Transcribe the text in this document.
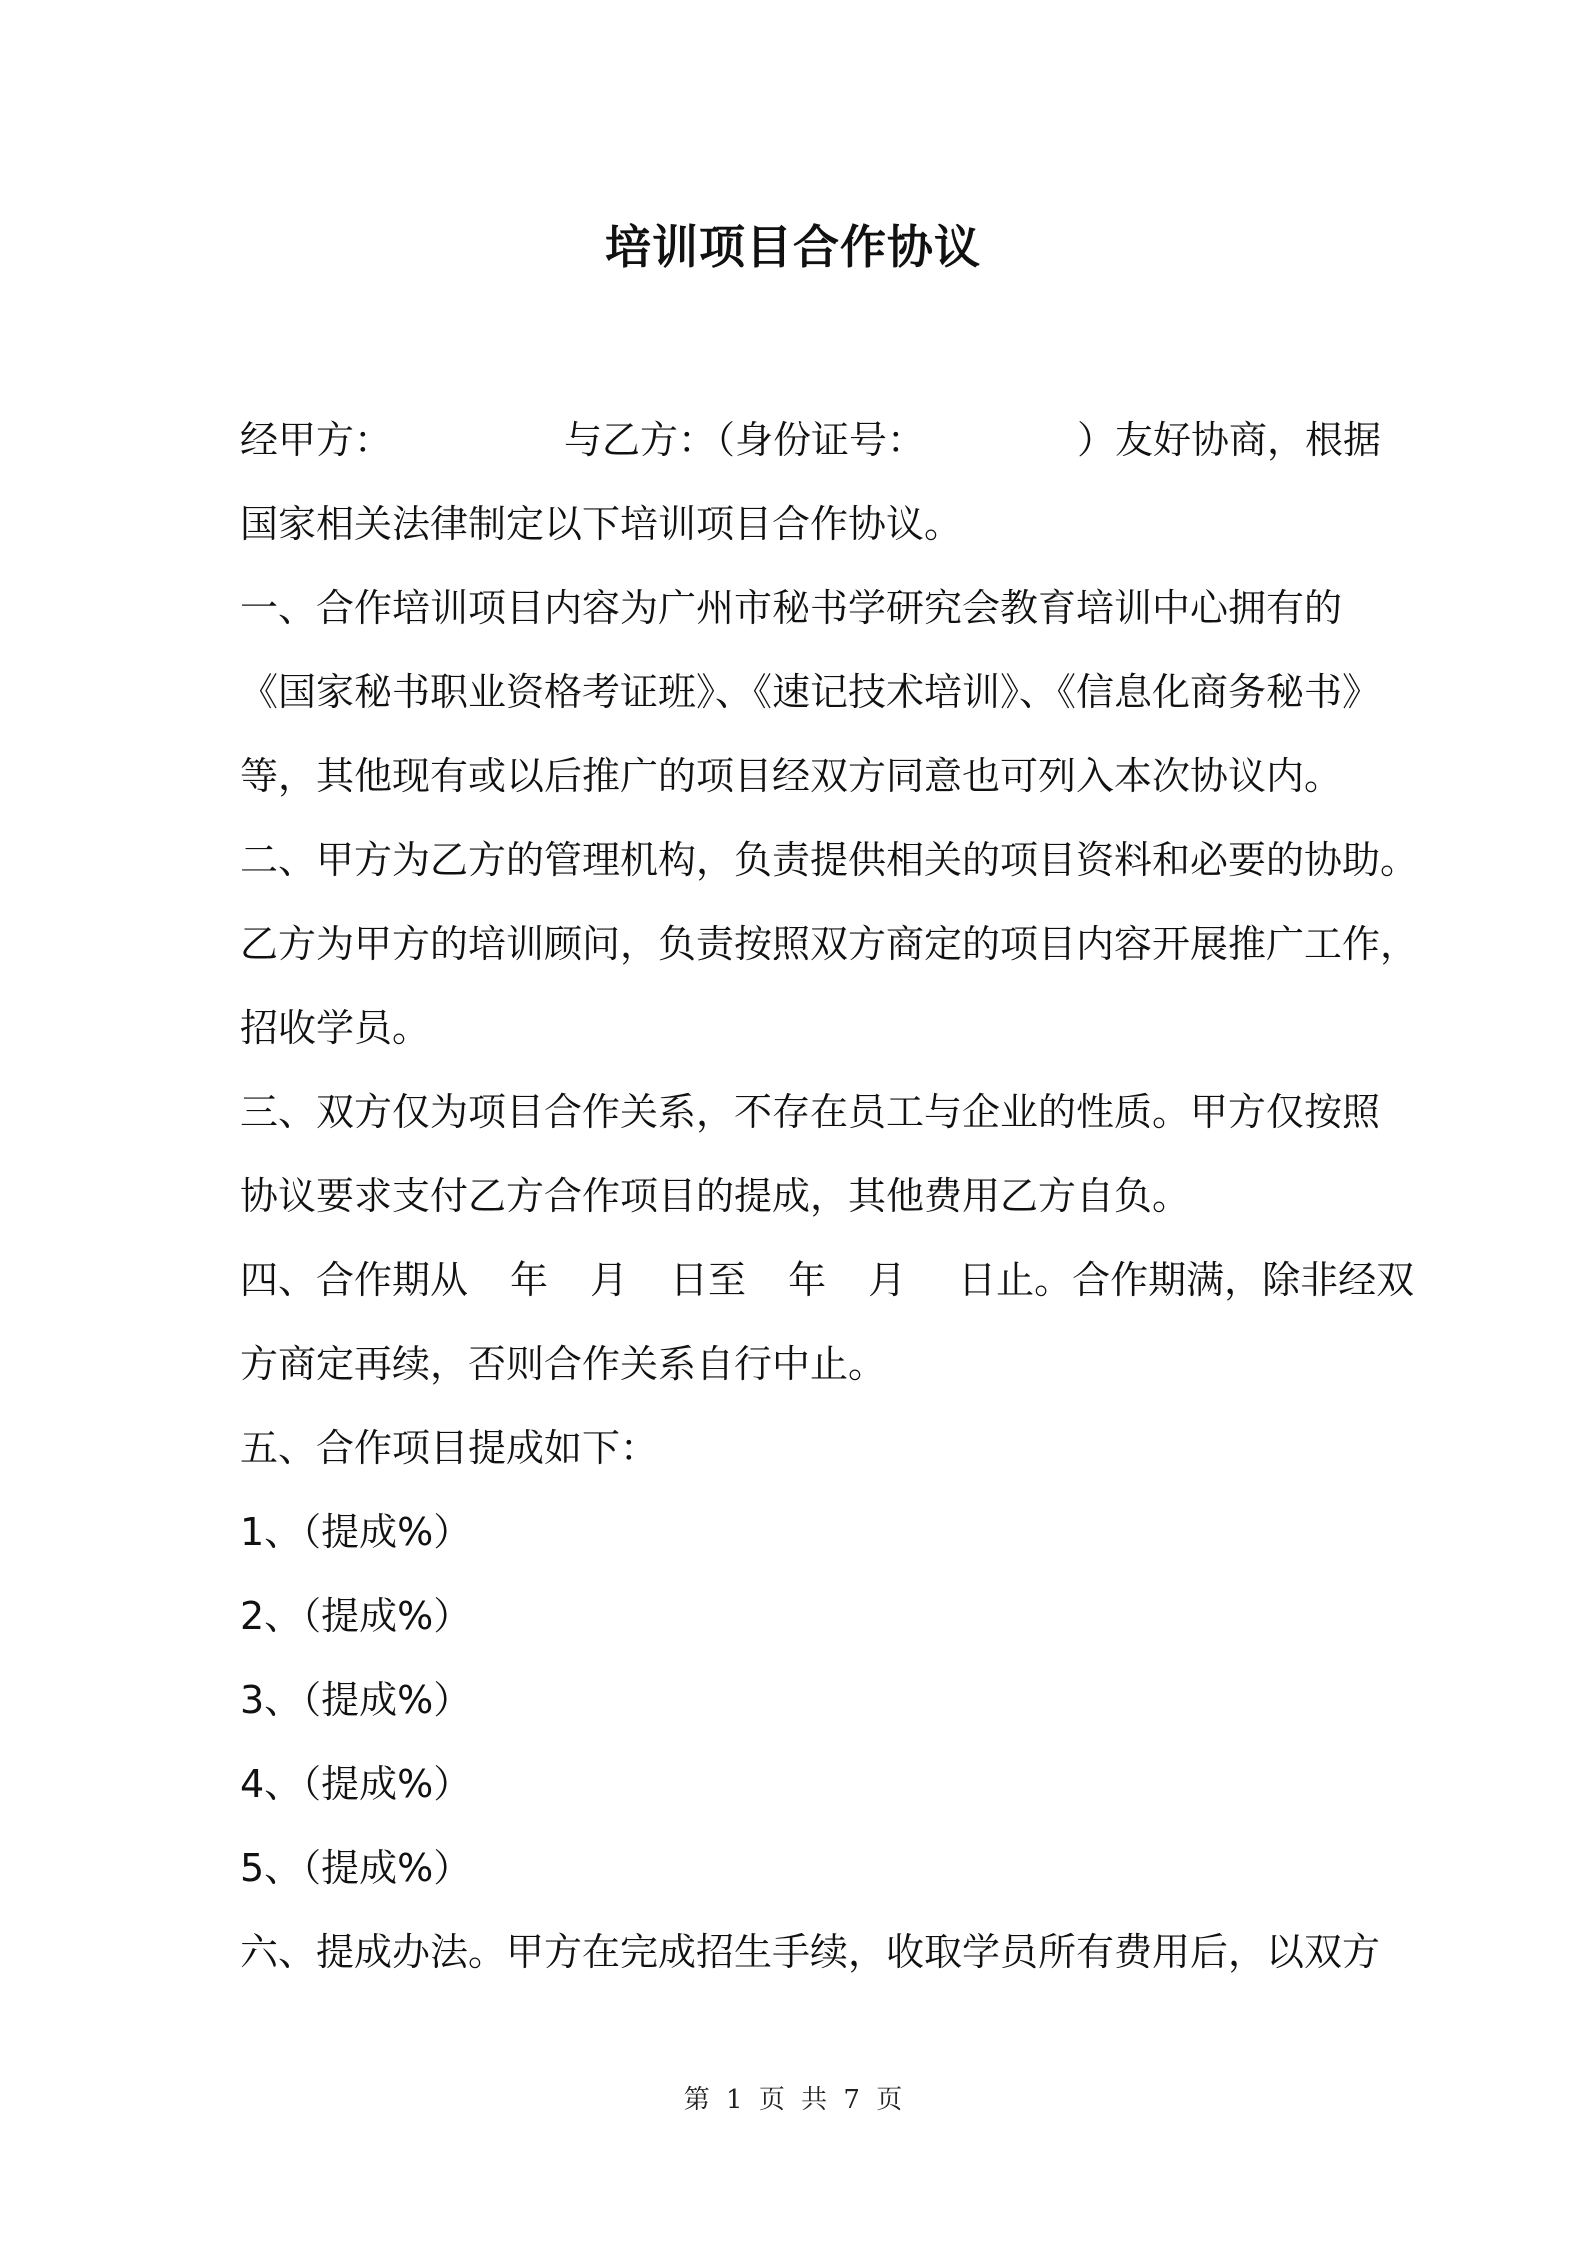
培训项目合作协议

经甲方：	与乙方：（身份证号：	）友好协商，根据

国家相关法律制定以下培训项目合作协议。

一、合作培训项目内容为广州市秘书学研究会教育培训中心拥有的

《国家秘书职业资格考证班》、《速记技术培训》、《信息化商务秘书》

等，其他现有或以后推广的项目经双方同意也可列入本次协议内。

二、甲方为乙方的管理机构，负责提供相关的项目资料和必要的协助。

乙方为甲方的培训顾问，负责按照双方商定的项目内容开展推广工作，

招收学员。

三、双方仅为项目合作关系，不存在员工与企业的性质。甲方仅按照

协议要求支付乙方合作项目的提成，其他费用乙方自负。

四、合作期从 年 月 日至 年 月 日止。合作期满，除非经双

方商定再续，否则合作关系自行中止。

五、合作项目提成如下：

1、（提成%）

2、（提成%）

3、（提成%）

4、（提成%）

5、（提成%）

六、提成办法。甲方在完成招生手续，收取学员所有费用后，以双方

第 1 页 共 7 页
